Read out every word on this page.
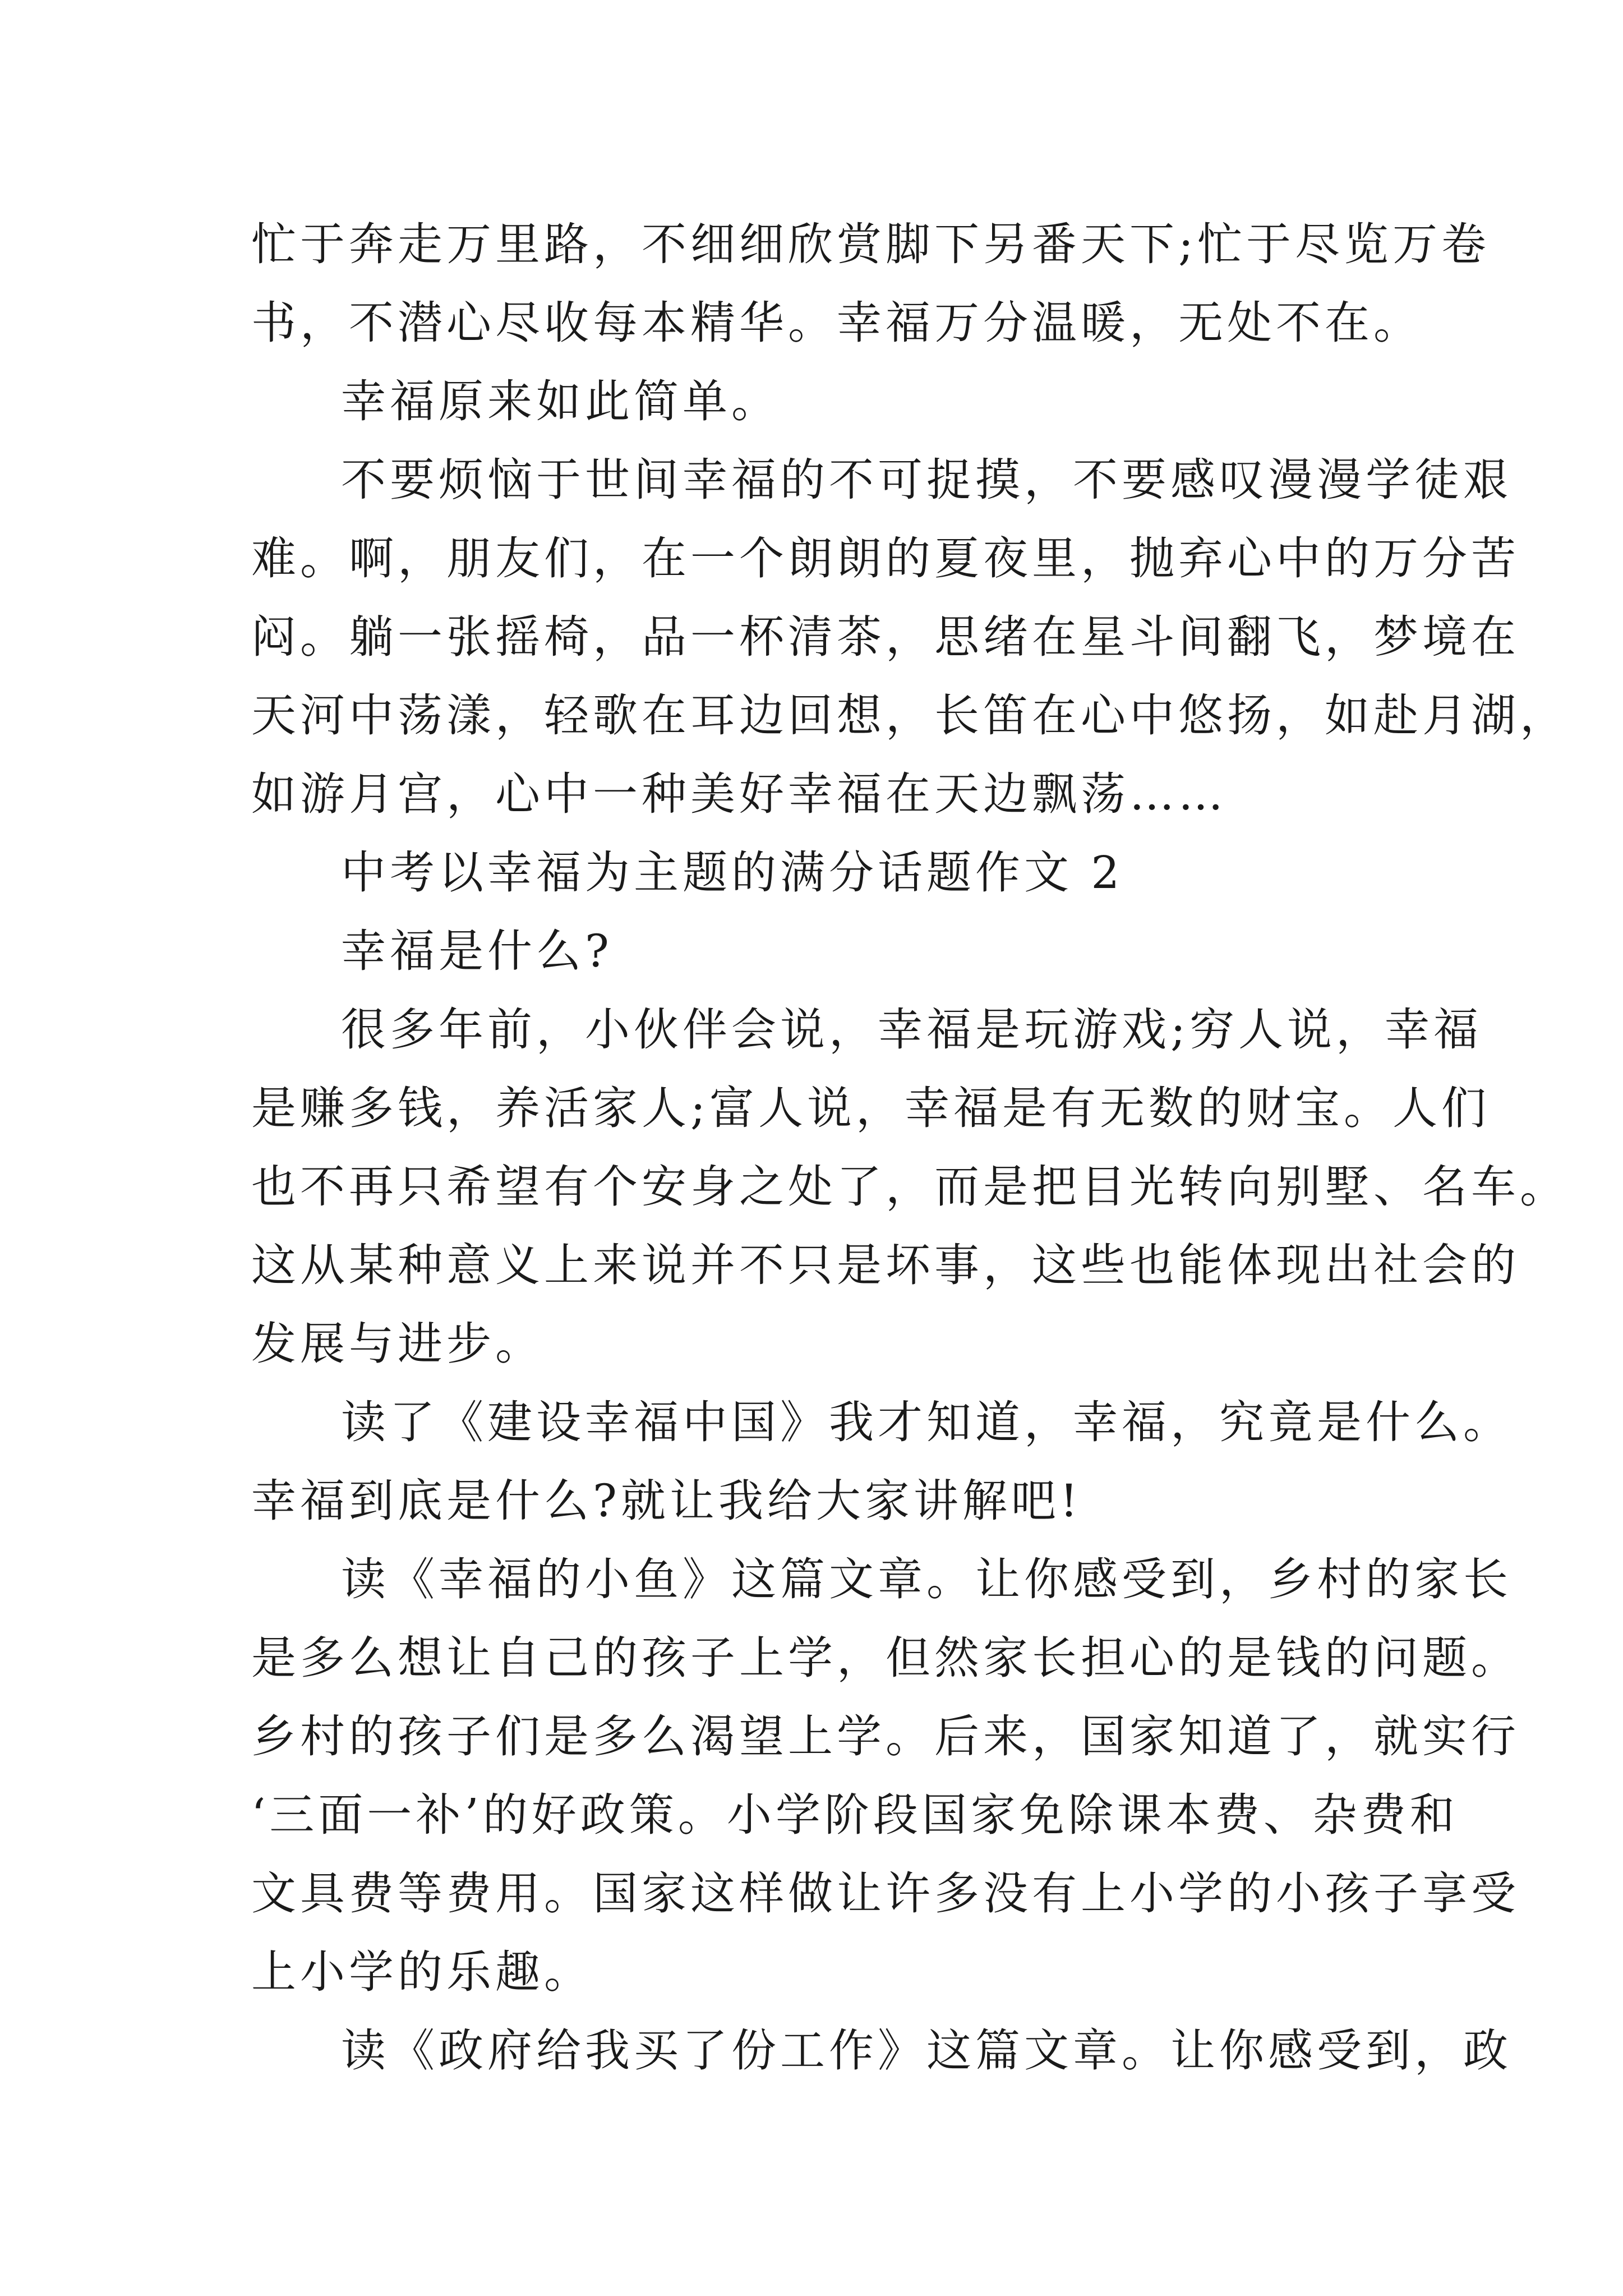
忙于奔走万里路，不细细欣赏脚下另番天下;忙于尽览万卷
书，不潜心尽收每本精华。幸福万分温暖，无处不在。
幸福原来如此简单。
不要烦恼于世间幸福的不可捉摸，不要感叹漫漫学徒艰
难。啊，朋友们，在一个朗朗的夏夜里，抛弃心中的万分苦
闷。躺一张摇椅，品一杯清茶，思绪在星斗间翻飞，梦境在
天河中荡漾，轻歌在耳边回想，长笛在心中悠扬，如赴月湖，
如游月宫，心中一种美好幸福在天边飘荡……
中考以幸福为主题的满分话题作文 2
幸福是什么?
很多年前，小伙伴会说，幸福是玩游戏;穷人说，幸福
是赚多钱，养活家人;富人说，幸福是有无数的财宝。人们
也不再只希望有个安身之处了，而是把目光转向别墅、名车。
这从某种意义上来说并不只是坏事，这些也能体现出社会的
发展与进步。
读了《建设幸福中国》我才知道，幸福，究竟是什么。
幸福到底是什么?就让我给大家讲解吧!
读《幸福的小鱼》这篇文章。让你感受到，乡村的家长
是多么想让自己的孩子上学，但然家长担心的是钱的问题。
乡村的孩子们是多么渴望上学。后来，国家知道了，就实行
‘三面一补’的好政策。小学阶段国家免除课本费、杂费和
文具费等费用。国家这样做让许多没有上小学的小孩子享受
上小学的乐趣。
读《政府给我买了份工作》这篇文章。让你感受到，政
